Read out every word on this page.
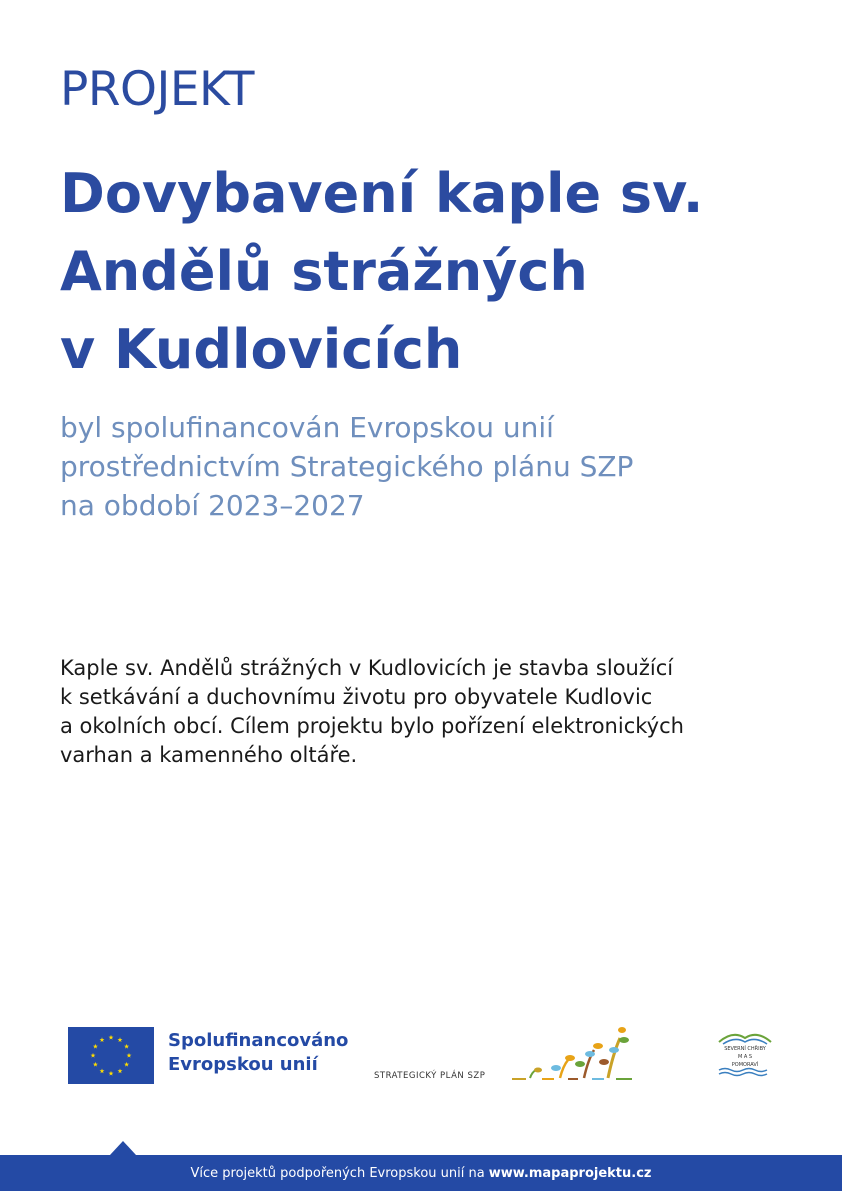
PROJEKT
Dovybavení kaple sv.
Andělů strážných
v Kudlovicích
byl spolufinancován Evropskou unií
prostřednictvím Strategického plánu SZP
na období 2023–2027
Kaple sv. Andělů strážných v Kudlovicích je stavba sloužící
k setkávání a duchovnímu životu pro obyvatele Kudlovic
a okolních obcí. Cílem projektu bylo pořízení elektronických
varhan a kamenného oltáře.
Spolufinancováno
Evropskou unií
STRATEGICKÝ PLÁN SZP
SEVERNÍ CHŘIBY
M A S
POMORAVÍ
Více projektů podpořených Evropskou unií na www.mapaprojektu.cz
